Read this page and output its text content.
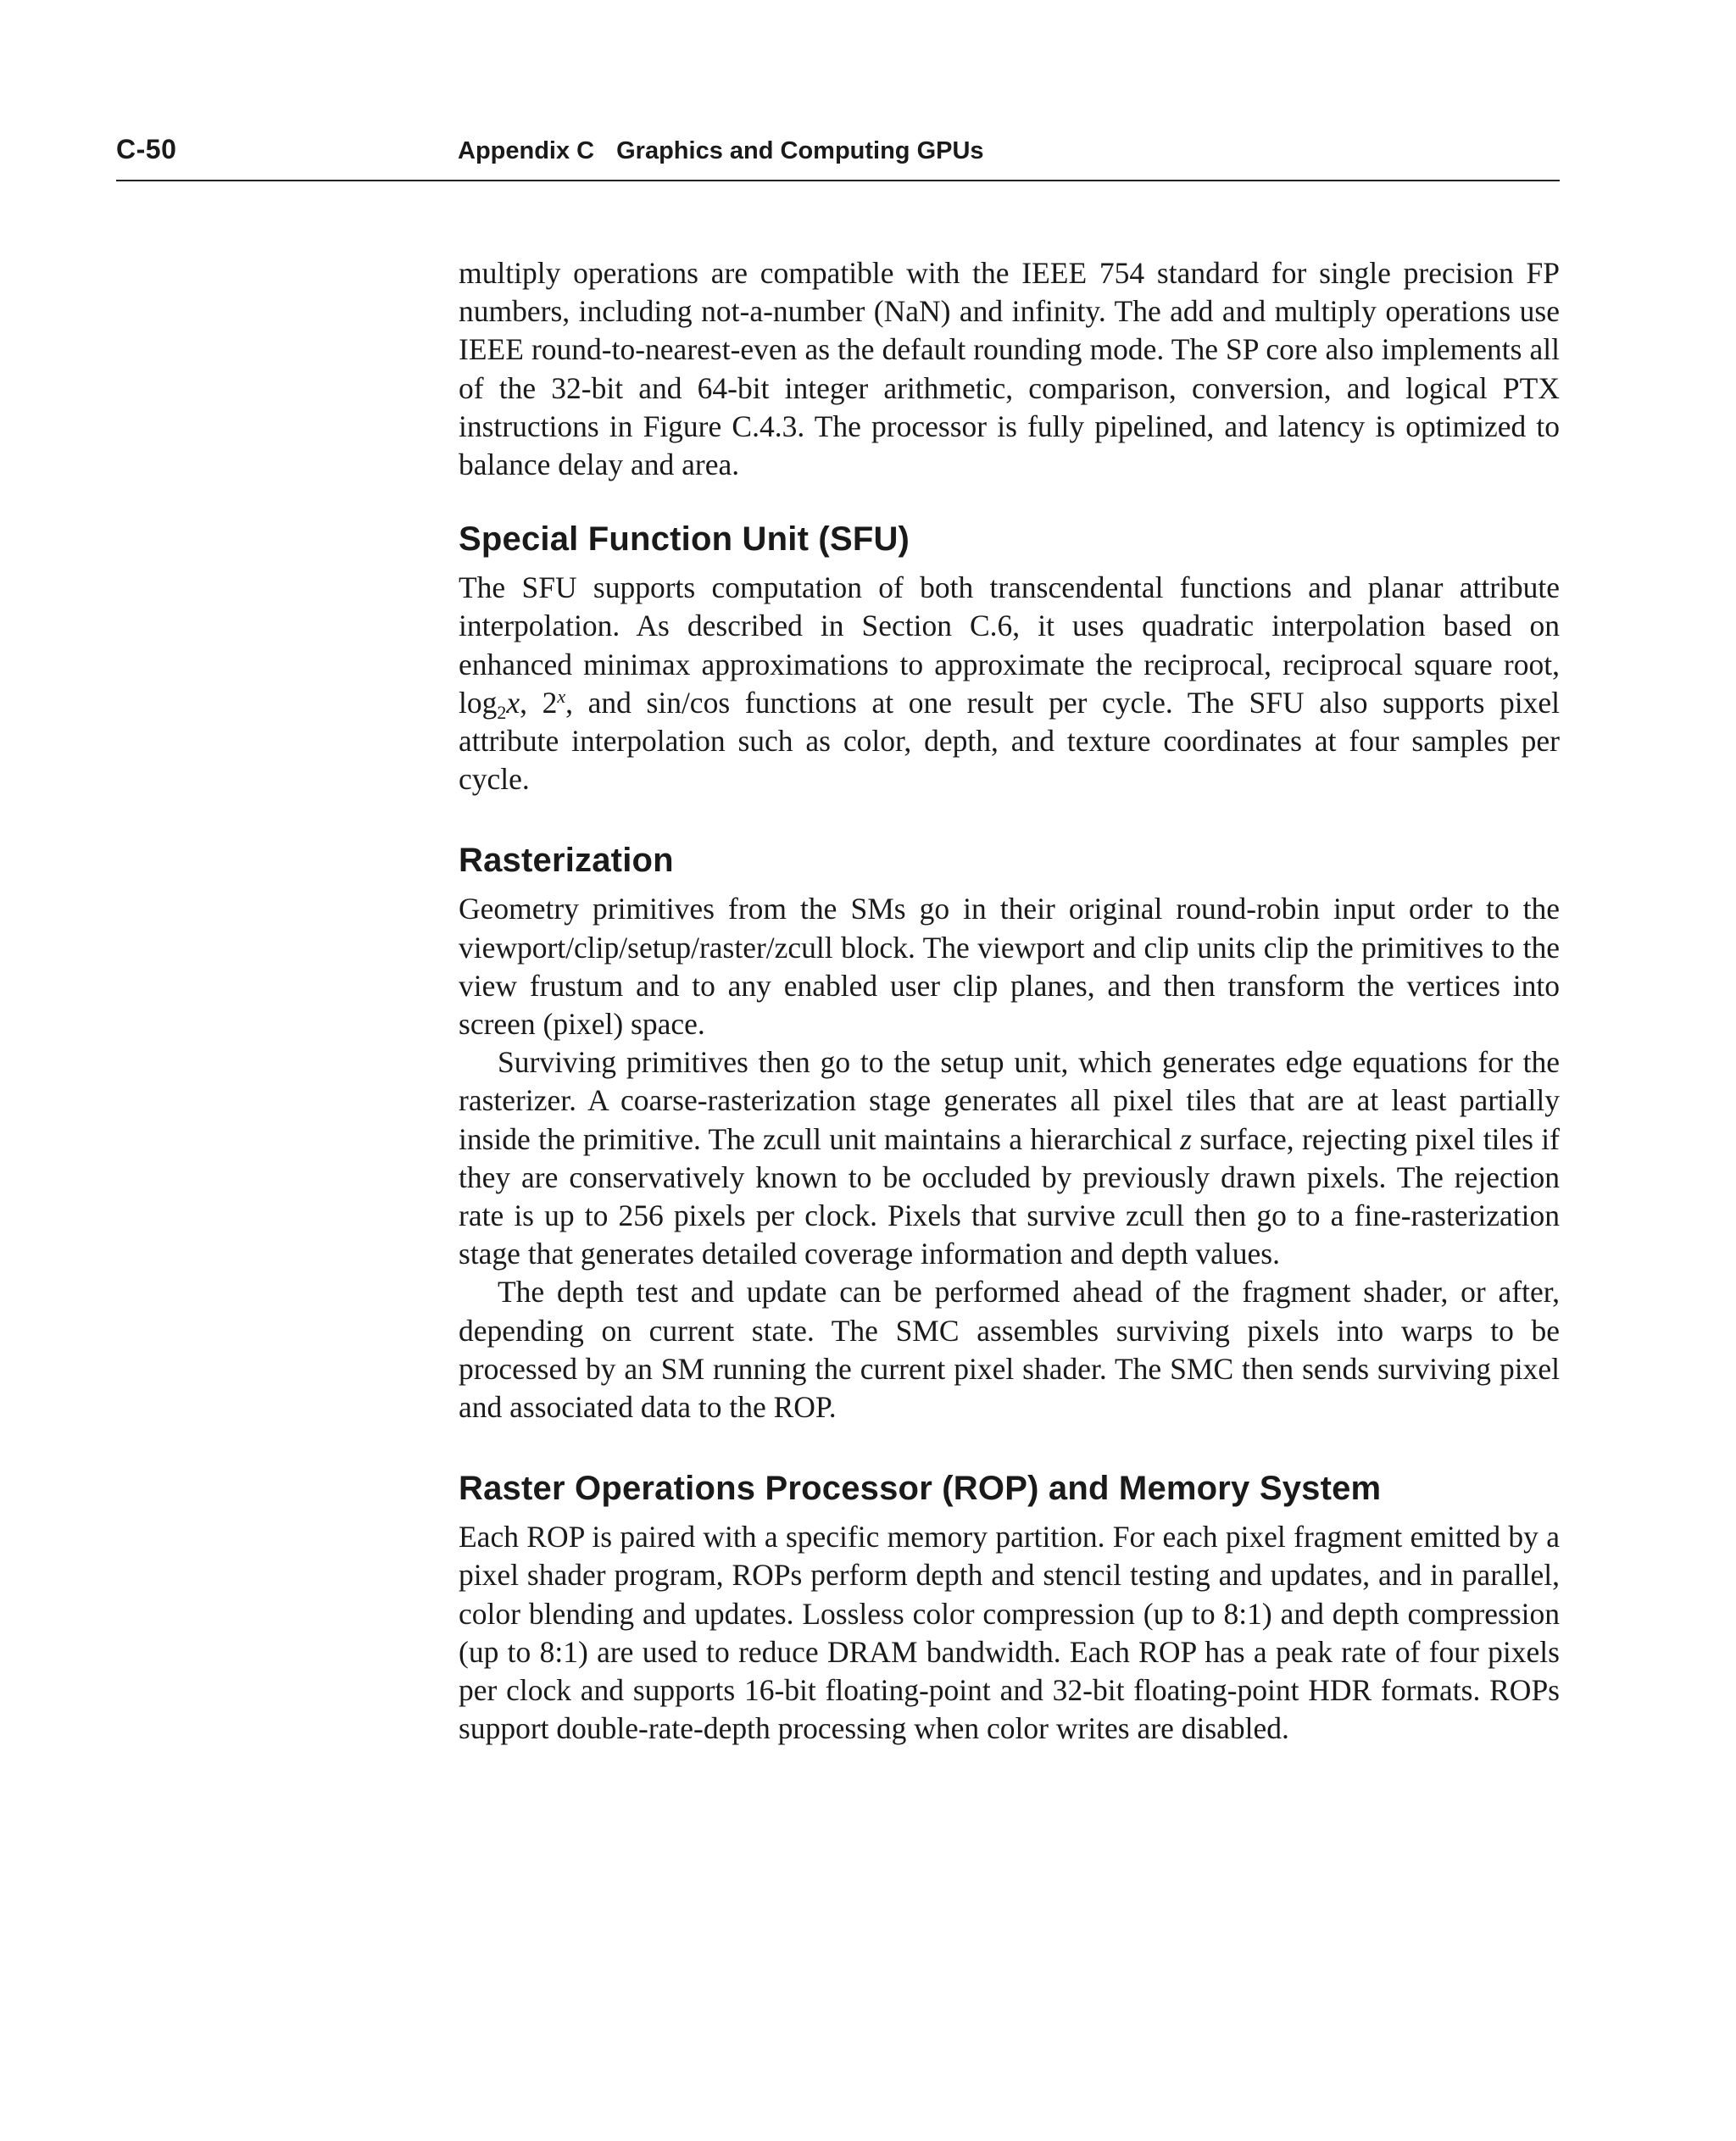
C-50	Appendix C Graphics and Computing GPUs

multiply operations are compatible with the IEEE 754 standard for single precision FP numbers, including not-a-number (NaN) and infinity. The add and multiply operations use IEEE round-to-nearest-even as the default rounding mode. The SP core also implements all of the 32-bit and 64-bit integer arithmetic, comparison, conversion, and logical PTX instructions in Figure C.4.3. The processor is fully pipelined, and latency is optimized to balance delay and area.

Special Function Unit (SFU)

The SFU supports computation of both transcendental functions and planar attribute interpolation. As described in Section C.6, it uses quadratic interpolation based on enhanced minimax approximations to approximate the reciprocal, reciprocal square root, $\log_2x$, 2$^x$, and sin/cos functions at one result per cycle. The SFU also supports pixel attribute interpolation such as color, depth, and texture coordinates at four samples per cycle.

Rasterization

Geometry primitives from the SMs go in their original round-robin input order to the viewport/clip/setup/raster/zcull block. The viewport and clip units clip the primitives to the view frustum and to any enabled user clip planes, and then transform the vertices into screen (pixel) space.

Surviving primitives then go to the setup unit, which generates edge equations for the rasterizer. A coarse-rasterization stage generates all pixel tiles that are at least partially inside the primitive. The zcull unit maintains a hierarchical z surface, rejecting pixel tiles if they are conservatively known to be occluded by previously drawn pixels. The rejection rate is up to 256 pixels per clock. Pixels that survive zcull then go to a fine-rasterization stage that generates detailed coverage information and depth values.

The depth test and update can be performed ahead of the fragment shader, or after, depending on current state. The SMC assembles surviving pixels into warps to be processed by an SM running the current pixel shader. The SMC then sends surviving pixel and associated data to the ROP.

Raster Operations Processor (ROP) and Memory System

Each ROP is paired with a specific memory partition. For each pixel fragment emitted by a pixel shader program, ROPs perform depth and stencil testing and updates, and in parallel, color blending and updates. Lossless color compression (up to 8:1) and depth compression (up to 8:1) are used to reduce DRAM bandwidth. Each ROP has a peak rate of four pixels per clock and supports 16-bit floating-point and 32-bit floating-point HDR formats. ROPs support double-rate-depth processing when color writes are disabled.
